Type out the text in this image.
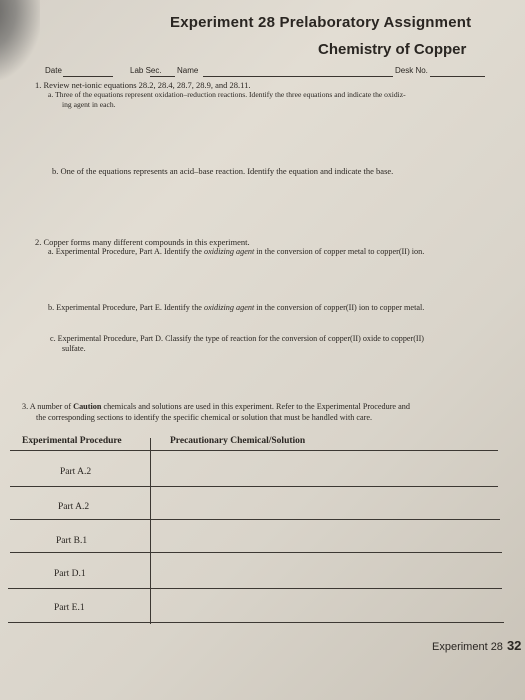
Experiment 28 Prelaboratory Assignment
Chemistry of Copper
Date	Lab Sec. Name	Desk No.
1. Review net-ionic equations 28.2, 28.4, 28.7, 28.9, and 28.11.
a. Three of the equations represent oxidation–reduction reactions. Identify the three equations and indicate the oxidiz-
ing agent in each.
b. One of the equations represents an acid–base reaction. Identify the equation and indicate the base.
2. Copper forms many different compounds in this experiment.
a. Experimental Procedure, Part A. Identify the oxidizing agent in the conversion of copper metal to copper(II) ion.
b. Experimental Procedure, Part E. Identify the oxidizing agent in the conversion of copper(II) ion to copper metal.
c. Experimental Procedure, Part D. Classify the type of reaction for the conversion of copper(II) oxide to copper(II)
sulfate.
3. A number of Caution chemicals and solutions are used in this experiment. Refer to the Experimental Procedure and
the corresponding sections to identify the specific chemical or solution that must be handled with care.
Experimental Procedure	Precautionary Chemical/Solution
Part A.2
Part A.2
Part B.1
Part D.1
Part E.1
Experiment 28 32
